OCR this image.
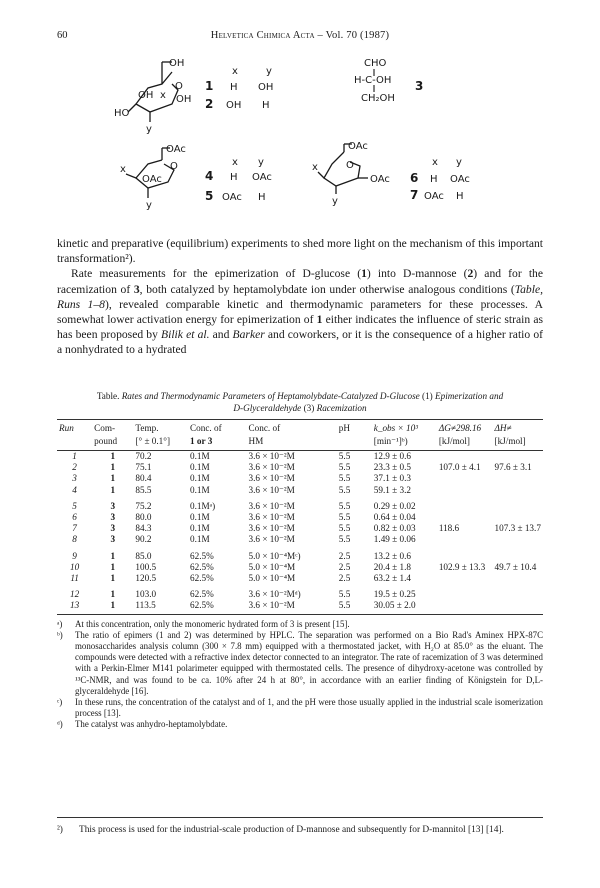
60	Helvetica Chimica Acta – Vol. 70 (1987)
OH
O
OH x OH
HO
y
x	y
1 H OH
2 OH H
CHO
H-C-OH
CH₂OH
3
OAc
O
x
OAc
y
x y
4 H OAc
5 OAc H
OAc
O
x
OAc
y
x y
6 H OAc
7 OAc H

kinetic and preparative (equilibrium) experiments to shed more light on the mechanism of this important transformation²).

Rate measurements for the epimerization of D-glucose (1) into D-mannose (2) and for the racemization of 3, both catalyzed by heptamolybdate ion under otherwise analogous conditions (Table, Runs 1–8), revealed comparable kinetic and thermodynamic parameters for these processes. A somewhat lower activation energy for epimerization of 1 either indicates the influence of steric strain as has been proposed by Bilik et al. and Barker and coworkers, or it is the consequence of a higher ratio of a nonhydrated to a hydrated

Table. Rates and Thermodynamic Parameters of Heptamolybdate-Catalyzed D-Glucose (1) Epimerization and
D-Glyceraldehyde (3) Racemization
Run	Com-	Temp.	Conc. of	Conc. of	pH	k_obs × 10³	ΔG≠298.16	ΔH≠
	pound	[° ± 0.1°]	1 or 3	HM		[min⁻¹]ᵇ)	[kJ/mol]	[kJ/mol]
1	1	70.2	0.1M	3.6 × 10⁻²M	5.5	12.9 ± 0.6		
2	1	75.1	0.1M	3.6 × 10⁻²M	5.5	23.3 ± 0.5	107.0 ± 4.1	97.6 ± 3.1
3	1	80.4	0.1M	3.6 × 10⁻²M	5.5	37.1 ± 0.3		
4	1	85.5	0.1M	3.6 × 10⁻²M	5.5	59.1 ± 3.2		

5	3	75.2	0.1Mᵃ)	3.6 × 10⁻²M	5.5	0.29 ± 0.02		
6	3	80.0	0.1M	3.6 × 10⁻²M	5.5	0.64 ± 0.04		
7	3	84.3	0.1M	3.6 × 10⁻²M	5.5	0.82 ± 0.03	118.6	107.3 ± 13.7
8	3	90.2	0.1M	3.6 × 10⁻²M	5.5	1.49 ± 0.06		

9	1	85.0	62.5%	5.0 × 10⁻⁴Mᶜ)	2.5	13.2 ± 0.6		
10	1	100.5	62.5%	5.0 × 10⁻⁴M	2.5	20.4 ± 1.8	102.9 ± 13.3	49.7 ± 10.4
11	1	120.5	62.5%	5.0 × 10⁻⁴M	2.5	63.2 ± 1.4		

12	1	103.0	62.5%	3.6 × 10⁻²Mᵈ)	5.5	19.5 ± 0.25		
13	1	113.5	62.5%	3.6 × 10⁻²M	5.5	30.05 ± 2.0		
ᵃ)	At this concentration, only the monomeric hydrated form of 3 is present [15].
ᵇ)	The ratio of epimers (1 and 2) was determined by HPLC. The separation was performed on a Bio Rad's Aminex HPX-87C monosaccharides analysis column (300 × 7.8 mm) equipped with a thermostated jacket, with H₂O at 85.0° as the eluant. The compounds were detected with a refractive index detector connected to an integrator. The rate of racemization of 3 was determined with a Perkin-Elmer M141 polarimeter equipped with thermostated cells. The presence of dihydroxy-acetone was controlled by ¹³C-NMR, and was found to be ca. 10% after 24 h at 80°, in accordance with an earlier finding of Königstein for D,L-glyceraldehyde [16].
ᶜ)	In these runs, the concentration of the catalyst and of 1, and the pH were those usually applied in the industrial scale isomerization process [13].
ᵈ)	The catalyst was anhydro-heptamolybdate.
²)	This process is used for the industrial-scale production of D-mannose and subsequently for D-mannitol [13] [14].
